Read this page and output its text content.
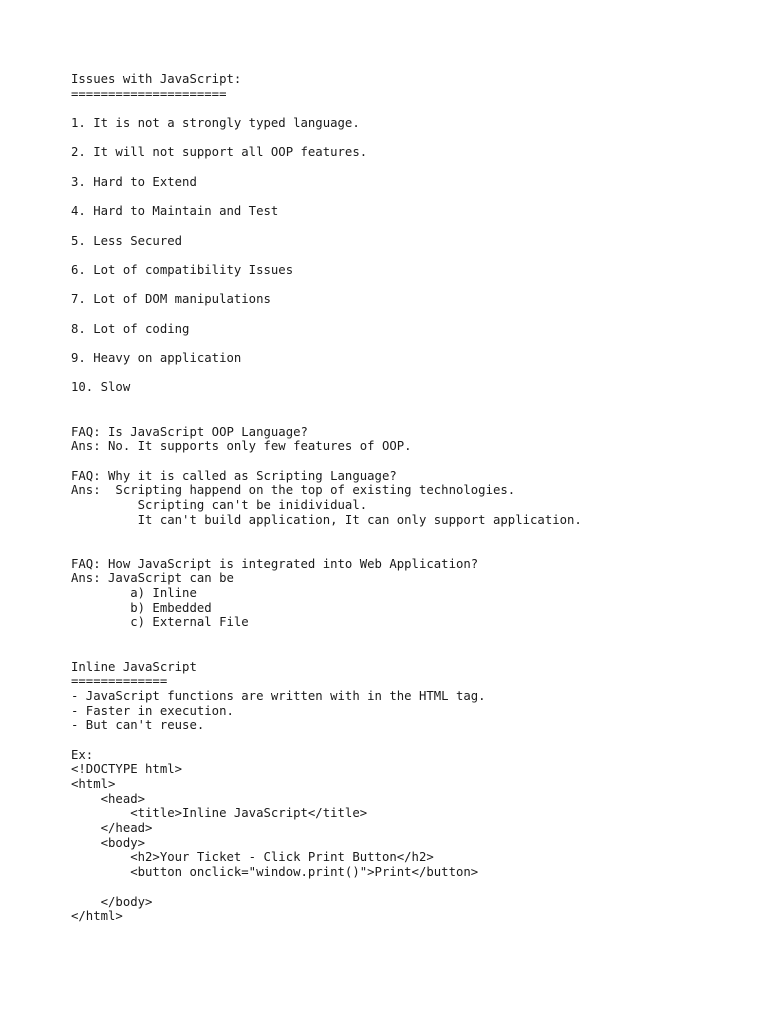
Issues with JavaScript:
=====================
1. It is not a strongly typed language.
2. It will not support all OOP features.
3. Hard to Extend
4. Hard to Maintain and Test
5. Less Secured
6. Lot of compatibility Issues
7. Lot of DOM manipulations
8. Lot of coding
9. Heavy on application
10. Slow
FAQ: Is JavaScript OOP Language?
Ans: No. It supports only few features of OOP.
FAQ: Why it is called as Scripting Language?
Ans:  Scripting happend on the top of existing technologies.
Scripting can't be inidividual.
It can't build application, It can only support application.
FAQ: How JavaScript is integrated into Web Application?
Ans: JavaScript can be
a) Inline
b) Embedded
c) External File
Inline JavaScript
=============
- JavaScript functions are written with in the HTML tag.
- Faster in execution.
- But can't reuse.
Ex:
<!DOCTYPE html>
<html>
<head>
<title>Inline JavaScript</title>
</head>
<body>
<h2>Your Ticket - Click Print Button</h2>
<button onclick="window.print()">Print</button>
</body>
</html>
